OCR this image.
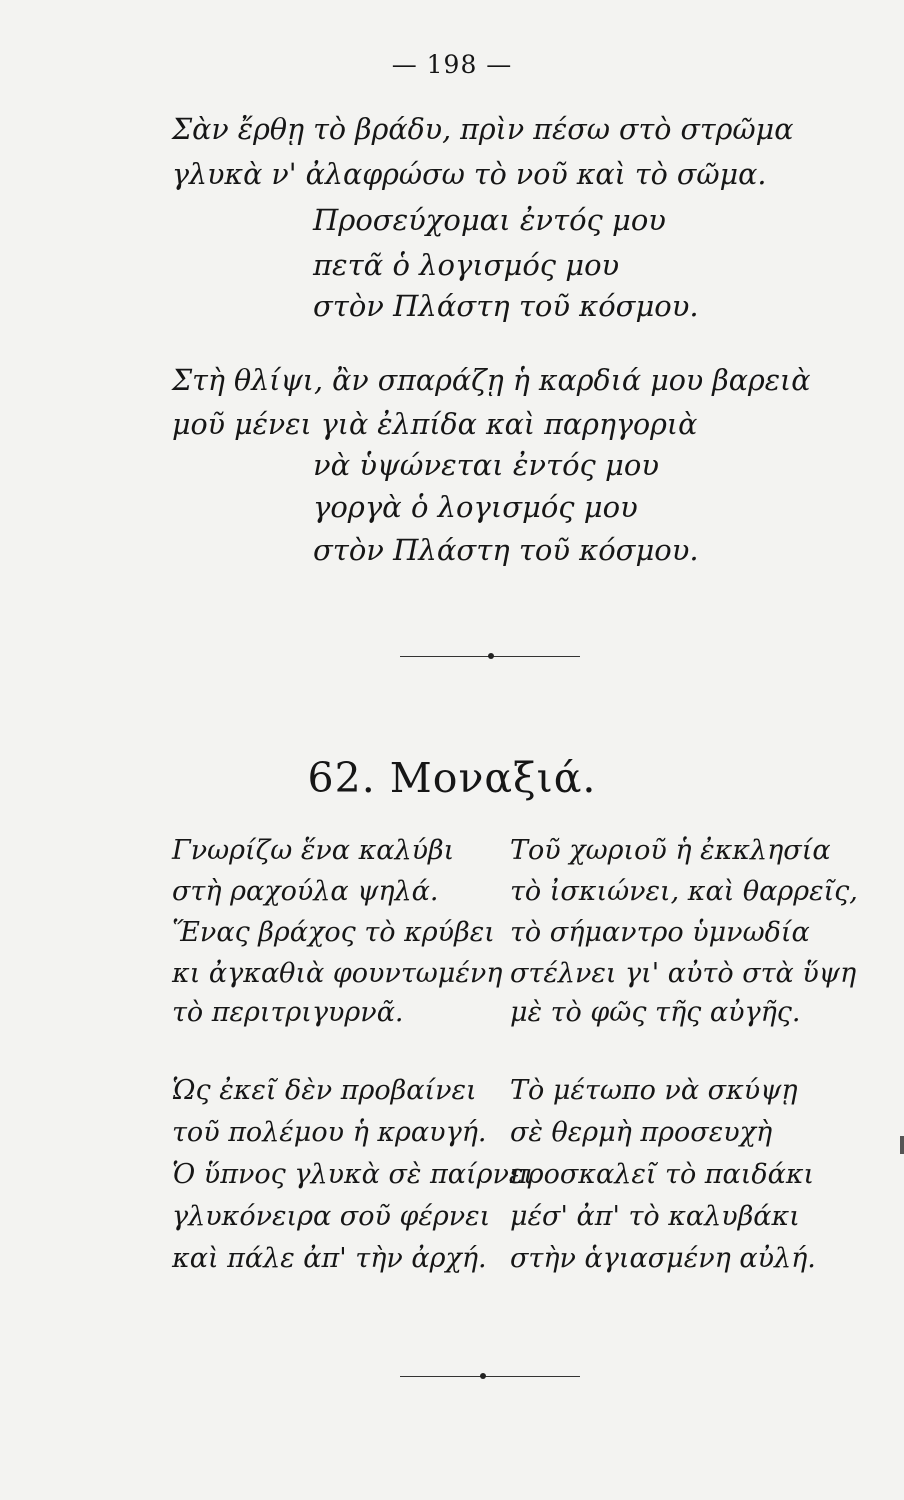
— 198 —
Σὰν ἔρθῃ τὸ βράδυ, πρὶν πέσω στὸ στρῶμα
γλυκὰ ν' ἀλαφρώσω τὸ νοῦ καὶ τὸ σῶμα.
Προσεύχομαι ἐντός μου
πετᾶ ὁ λογισμός μου
στὸν Πλάστη τοῦ κόσμου.
Στὴ θλίψι, ἂν σπαράζῃ ἡ καρδιά μου βαρειὰ
μοῦ μένει γιὰ ἐλπίδα καὶ παρηγοριὰ
νὰ ὑψώνεται ἐντός μου
γοργὰ ὁ λογισμός μου
στὸν Πλάστη τοῦ κόσμου.
62. Μοναξιά.
Γνωρίζω ἕνα καλύβι
στὴ ραχούλα ψηλά.
Ἕνας βράχος τὸ κρύβει
κι ἀγκαθιὰ φουντωμένη
τὸ περιτριγυρνᾶ.
Ὡς ἐκεῖ δὲν προβαίνει
τοῦ πολέμου ἡ κραυγή.
Ὁ ὕπνος γλυκὰ σὲ παίρνει
γλυκόνειρα σοῦ φέρνει
καὶ πάλε ἀπ' τὴν ἀρχή.
Τοῦ χωριοῦ ἡ ἐκκλησία
τὸ ἰσκιώνει, καὶ θαρρεῖς,
τὸ σήμαντρο ὑμνωδία
στέλνει γι' αὐτὸ στὰ ὕψη
μὲ τὸ φῶς τῆς αὐγῆς.
Τὸ μέτωπο νὰ σκύψῃ
σὲ θερμὴ προσευχὴ
προσκαλεῖ τὸ παιδάκι
μέσ' ἀπ' τὸ καλυβάκι
στὴν ἁγιασμένη αὐλή.
